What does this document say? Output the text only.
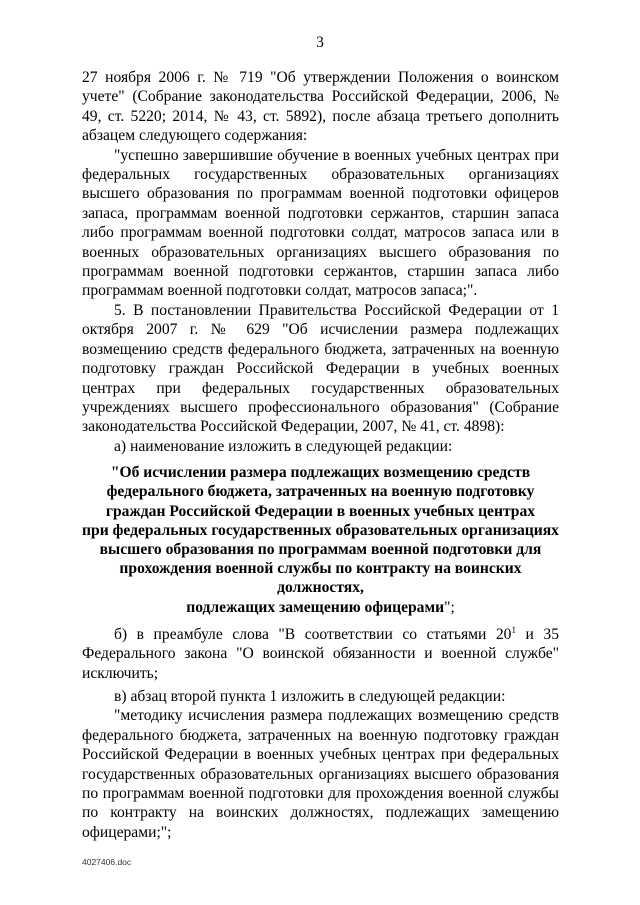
3

27 ноября 2006 г. № 719 "Об утверждении Положения о воинском учете" (Собрание законодательства Российской Федерации, 2006, № 49, ст. 5220; 2014, № 43, ст. 5892), после абзаца третьего дополнить абзацем следующего содержания:

"успешно завершившие обучение в военных учебных центрах при федеральных государственных образовательных организациях высшего образования по программам военной подготовки офицеров запаса, программам военной подготовки сержантов, старшин запаса либо программам военной подготовки солдат, матросов запаса или в военных образовательных организациях высшего образования по программам военной подготовки сержантов, старшин запаса либо программам военной подготовки солдат, матросов запаса;".

5. В постановлении Правительства Российской Федерации от 1 октября 2007 г. № 629 "Об исчислении размера подлежащих возмещению средств федерального бюджета, затраченных на военную подготовку граждан Российской Федерации в учебных военных центрах при федеральных государственных образовательных учреждениях высшего профессионального образования" (Собрание законодательства Российской Федерации, 2007, № 41, ст. 4898):

а) наименование изложить в следующей редакции:

"Об исчислении размера подлежащих возмещению средств
федерального бюджета, затраченных на военную подготовку
граждан Российской Федерации в военных учебных центрах
при федеральных государственных образовательных организациях
высшего образования по программам военной подготовки для
прохождения военной службы по контракту на воинских должностях,
подлежащих замещению офицерами";

б) в преамбуле слова "В соответствии со статьями $20^1$ и 35 Федерального закона "О воинской обязанности и военной службе" исключить;

в) абзац второй пункта 1 изложить в следующей редакции:

"методику исчисления размера подлежащих возмещению средств федерального бюджета, затраченных на военную подготовку граждан Российской Федерации в военных учебных центрах при федеральных государственных образовательных организациях высшего образования по программам военной подготовки для прохождения военной службы по контракту на воинских должностях, подлежащих замещению офицерами;";

4027406.doc
